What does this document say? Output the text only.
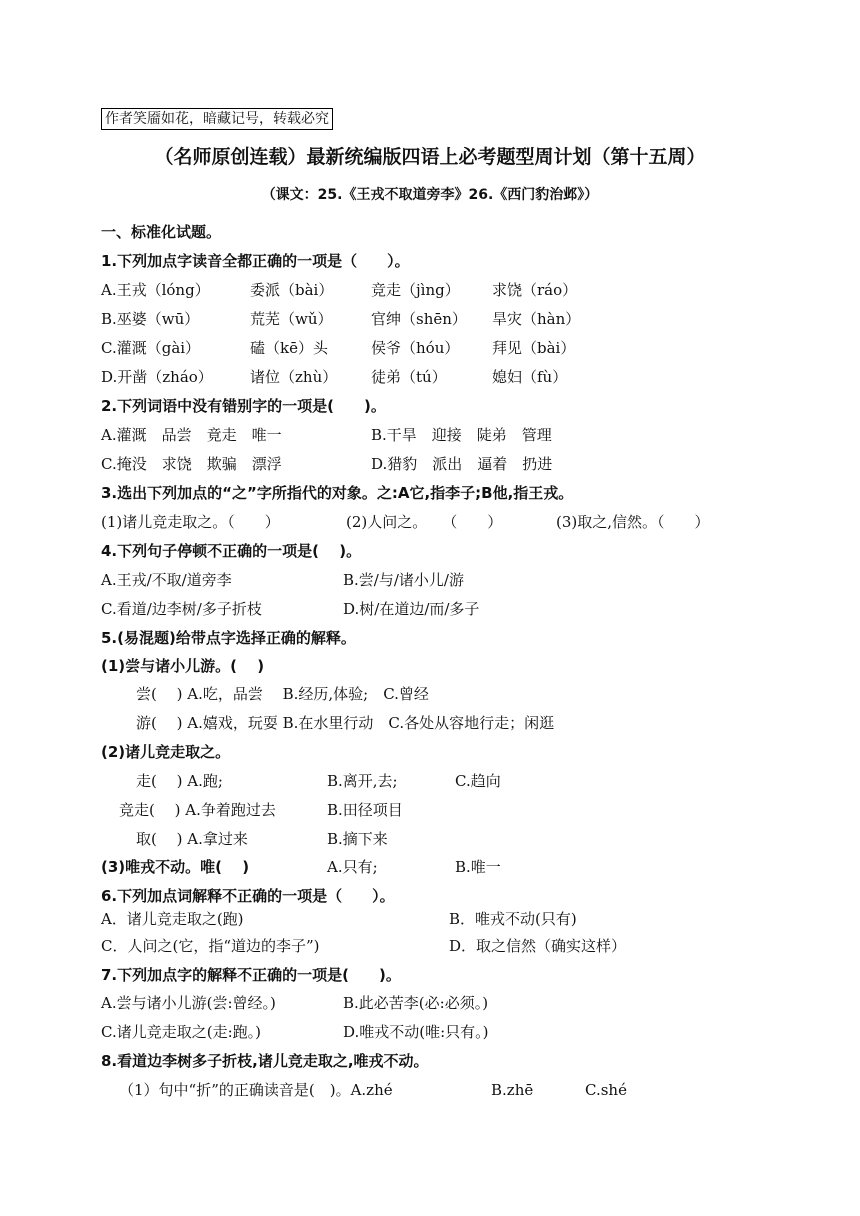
作者笑靥如花，暗藏记号，转载必究
（名师原创连载）最新统编版四语上必考题型周计划（第十五周）
（课文：25.《王戎不取道旁李》26.《西门豹治邺》）
一、标准化试题。
1.下列加点字读音全都正确的一项是（　　）。
A.王戎（lóng）	委派（bài）	竞走（jìng） 求饶（ráo）
B.巫婆（wū）	荒芜（wǔ）	官绅（shēn） 旱灾（hàn）
C.灌溉（gài）	磕（kē）头	侯爷（hóu） 拜见（bài）
D.开凿（zháo） 诸位（zhù） 徒弟（tú）	媳妇（fù）
2.下列词语中没有错别字的一项是(　　)。
A.灌溉　品尝　竟走　唯一	B.干旱　迎接　陡弟　管理
C.掩没　求饶　欺骗　漂浮	D.猎豹　派出　逼着　扔进
3.选出下列加点的“之”字所指代的对象。之:A它,指李子;B他,指王戎。
(1)诸儿竞走取之。（　　）	(2)人问之。　　（　　）	(3)取之,信然。（　　）
4.下列句子停顿不正确的一项是(　 )。
A.王戎/不取/道旁李	B.尝/与/诸小儿/游
C.看道/边李树/多子折枝	D.树/在道边/而/多子
5.(易混题)给带点字选择正确的解释。
(1)尝与诸小儿游。(　 )
尝(　 ) A.吃，品尝　 B.经历,体验;　C.曾经
游(　 ) A.嬉戏，玩耍 B.在水里行动　C.各处从容地行走；闲逛
(2)诸儿竞走取之。
走(　 ) A.跑;	B.离开,去;	C.趋向
竞走(　 ) A.争着跑过去	B.田径项目
取(　 ) A.拿过来	B.摘下来
(3)唯戎不动。唯(　 )	A.只有;	B.唯一
6.下列加点词解释不正确的一项是（　　）。
A．诸儿竞走取之(跑)	B．唯戎不动(只有)
C．人问之(它，指“道边的李子”)	D．取之信然（确实这样）
7.下列加点字的解释不正确的一项是(　　)。
A.尝与诸小儿游(尝:曾经。)	B.此必苦李(必:必须。)
C.诸儿竞走取之(走:跑。)	D.唯戎不动(唯:只有。)
8.看道边李树多子折枝,诸儿竞走取之,唯戎不动。
（1）句中“折”的正确读音是(　)。A.zhé	B.zhē	C.shé
